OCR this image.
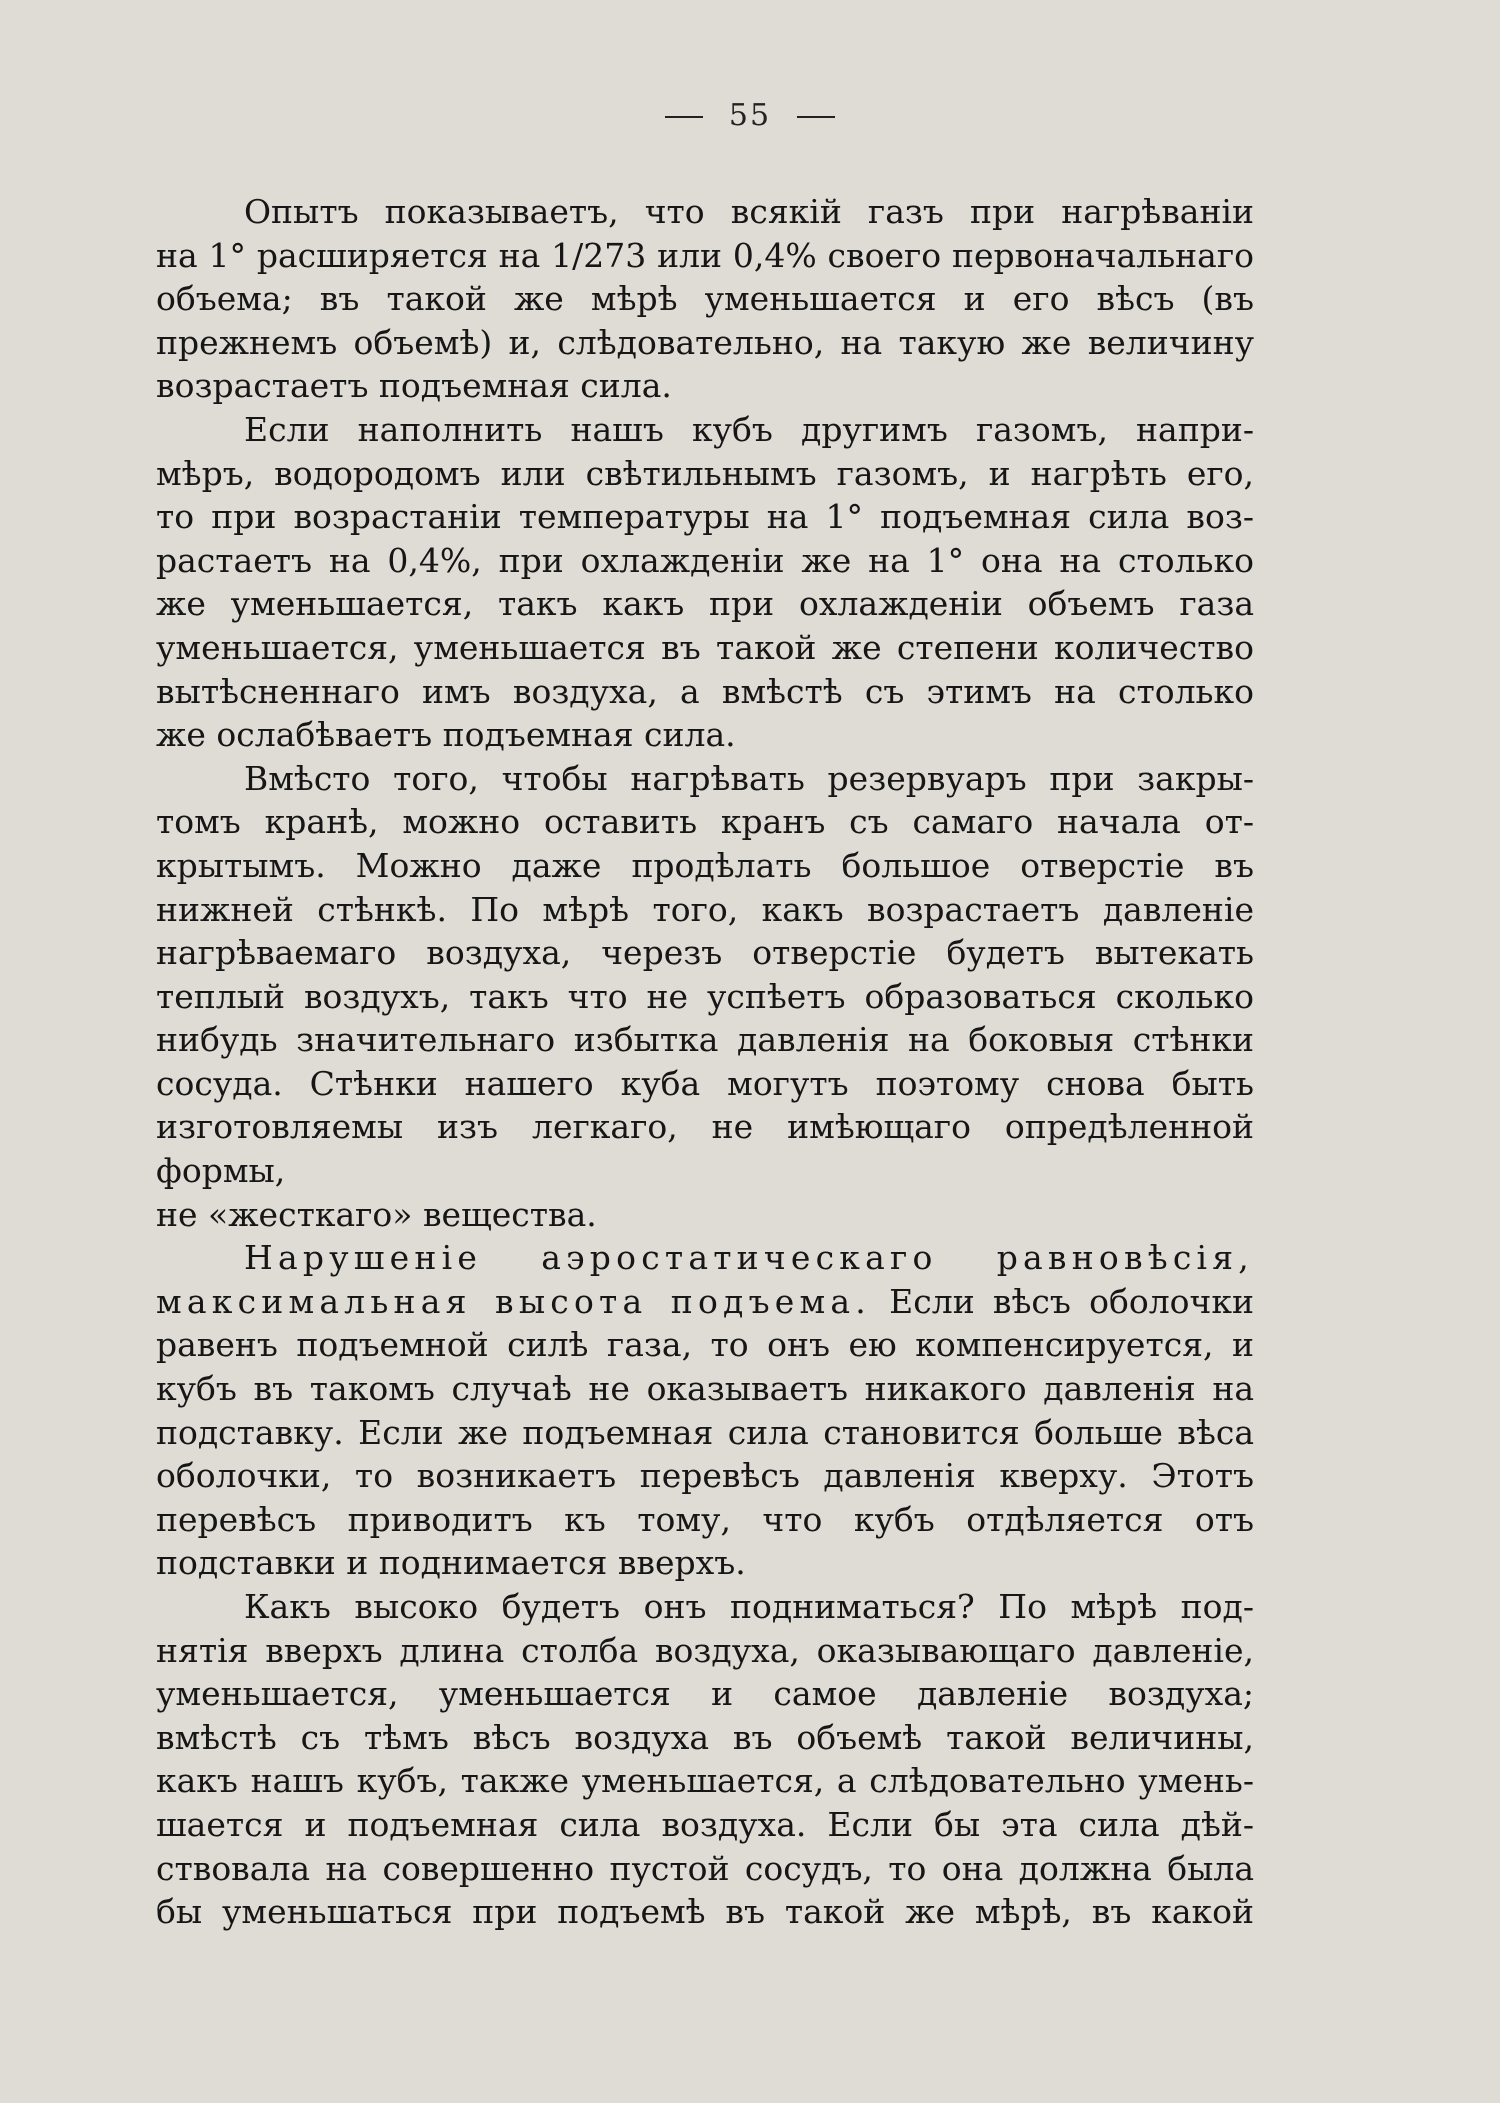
55

Опытъ показываетъ, что всякій газъ при нагрѣваніи

на 1° расширяется на 1/273 или 0,4% своего первоначальнаго

объема; въ такой же мѣрѣ уменьшается и его вѣсъ (въ

прежнемъ объемѣ) и, слѣдовательно, на такую же величину

возрастаетъ подъемная сила.

Если наполнить нашъ кубъ другимъ газомъ, напри-

мѣръ, водородомъ или свѣтильнымъ газомъ, и нагрѣть его,

то при возрастаніи температуры на 1° подъемная сила воз-

растаетъ на 0,4%, при охлажденіи же на 1° она на столько

же уменьшается, такъ какъ при охлажденіи объемъ газа

уменьшается, уменьшается въ такой же степени количество

вытѣсненнаго имъ воздуха, а вмѣстѣ съ этимъ на столько

же ослабѣваетъ подъемная сила.

Вмѣсто того, чтобы нагрѣвать резервуаръ при закры-

томъ кранѣ, можно оставить кранъ съ самаго начала от-

крытымъ. Можно даже продѣлать большое отверстіе въ

нижней стѣнкѣ. По мѣрѣ того, какъ возрастаетъ давленіе

нагрѣваемаго воздуха, черезъ отверстіе будетъ вытекать

теплый воздухъ, такъ что не успѣетъ образоваться сколько

нибудь значительнаго избытка давленія на боковыя стѣнки

сосуда. Стѣнки нашего куба могутъ поэтому снова быть

изготовляемы изъ легкаго, не имѣющаго опредѣленной формы,

не «жесткаго» вещества.

Нарушеніе аэростатическаго равновѣсія,

максимальная высота подъема. Если вѣсъ оболочки

равенъ подъемной силѣ газа, то онъ ею компенсируется, и

кубъ въ такомъ случаѣ не оказываетъ никакого давленія на

подставку. Если же подъемная сила становится больше вѣса

оболочки, то возникаетъ перевѣсъ давленія кверху. Этотъ

перевѣсъ приводитъ къ тому, что кубъ отдѣляется отъ

подставки и поднимается вверхъ.

Какъ высоко будетъ онъ подниматься? По мѣрѣ под-

нятія вверхъ длина столба воздуха, оказывающаго давленіе,

уменьшается, уменьшается и самое давленіе воздуха;

вмѣстѣ съ тѣмъ вѣсъ воздуха въ объемѣ такой величины,

какъ нашъ кубъ, также уменьшается, а слѣдовательно умень-

шается и подъемная сила воздуха. Если бы эта сила дѣй-

ствовала на совершенно пустой сосудъ, то она должна была

бы уменьшаться при подъемѣ въ такой же мѣрѣ, въ какой
